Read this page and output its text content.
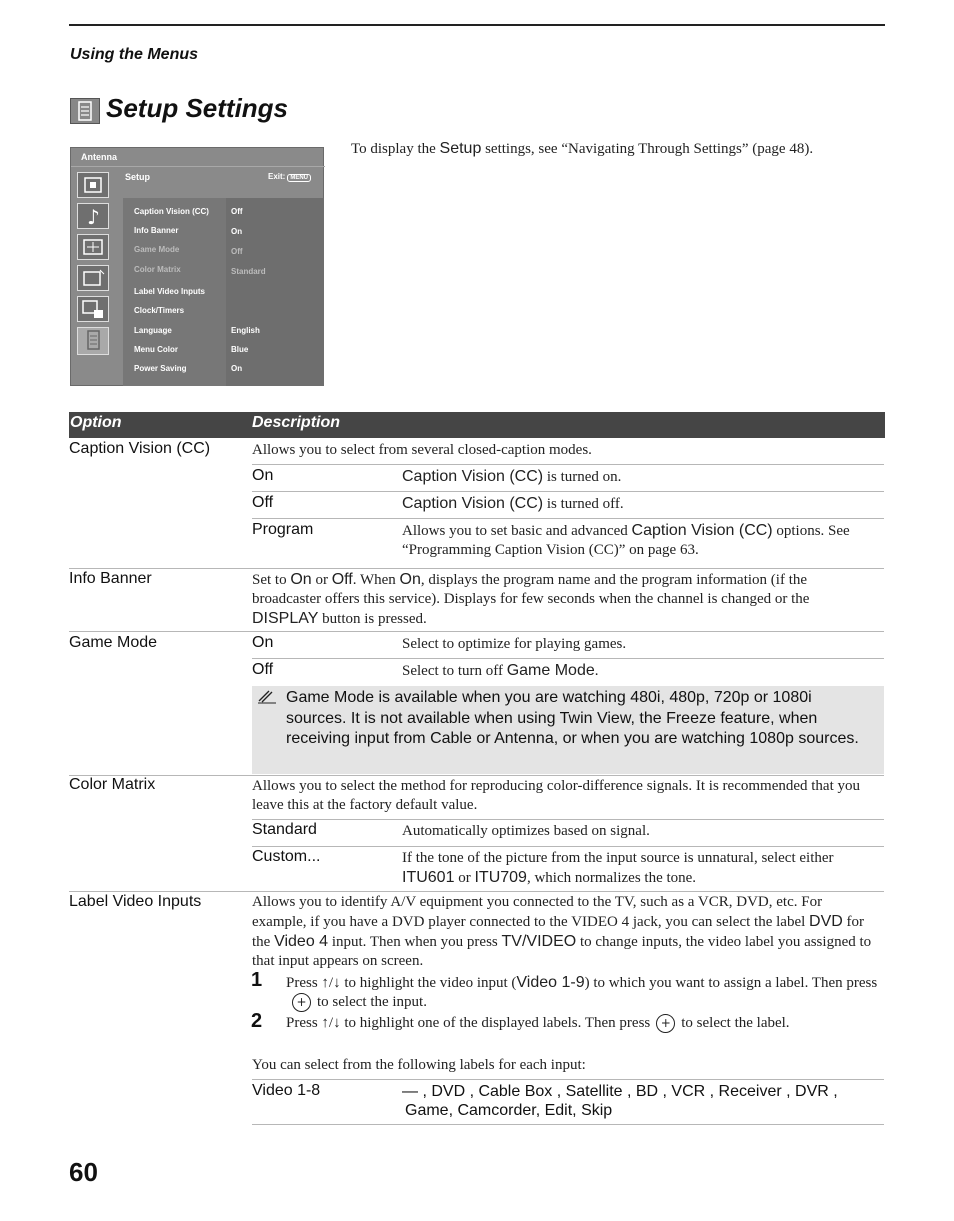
Using the Menus
Setup Settings
To display the Setup settings, see “Navigating Through Settings” (page 48).
Antenna
Setup	Exit: MENU
♪	Caption Vision (CC)	Off
Info Banner	On
Game Mode	Off
Color Matrix	Standard
Label Video Inputs
Clock/Timers
Language	English
Menu Color	Blue
Power Saving	On
Option	Description
Caption Vision (CC)	Allows you to select from several closed-caption modes.
On	Caption Vision (CC) is turned on.
Off	Caption Vision (CC) is turned off.
Program	Allows you to set basic and advanced Caption Vision (CC) options. See “Programming Caption Vision (CC)” on page 63.
Info Banner	Set to On or Off. When On, displays the program name and the program information (if the broadcaster offers this service). Displays for few seconds when the channel is changed or the DISPLAY button is pressed.
Game Mode	On	Select to optimize for playing games.
Off	Select to turn off Game Mode.
Game Mode is available when you are watching 480i, 480p, 720p or 1080i sources. It is not available when using Twin View, the Freeze feature, when receiving input from Cable or Antenna, or when you are watching 1080p sources.
Color Matrix	Allows you to select the method for reproducing color-difference signals. It is recommended that you leave this at the factory default value.
Standard	Automatically optimizes based on signal.
Custom...	If the tone of the picture from the input source is unnatural, select either ITU601 or ITU709, which normalizes the tone.
Label Video Inputs	Allows you to identify A/V equipment you connected to the TV, such as a VCR, DVD, etc. For example, if you have a DVD player connected to the VIDEO 4 jack, you can select the label DVD for the Video 4 input. Then when you press TV/VIDEO to change inputs, the video label you assigned to that input appears on screen.
1 Press ↑/↓ to highlight the video input (Video 1-9) to which you want to assign a label. Then press+ to select the input.
2 Press ↑/↓ to highlight one of the displayed labels. Then press + to select the label.
You can select from the following labels for each input:
Video 1-8	— , DVD , Cable Box , Satellite , BD , VCR , Receiver , DVR ,
Game, Camcorder, Edit, Skip
60
